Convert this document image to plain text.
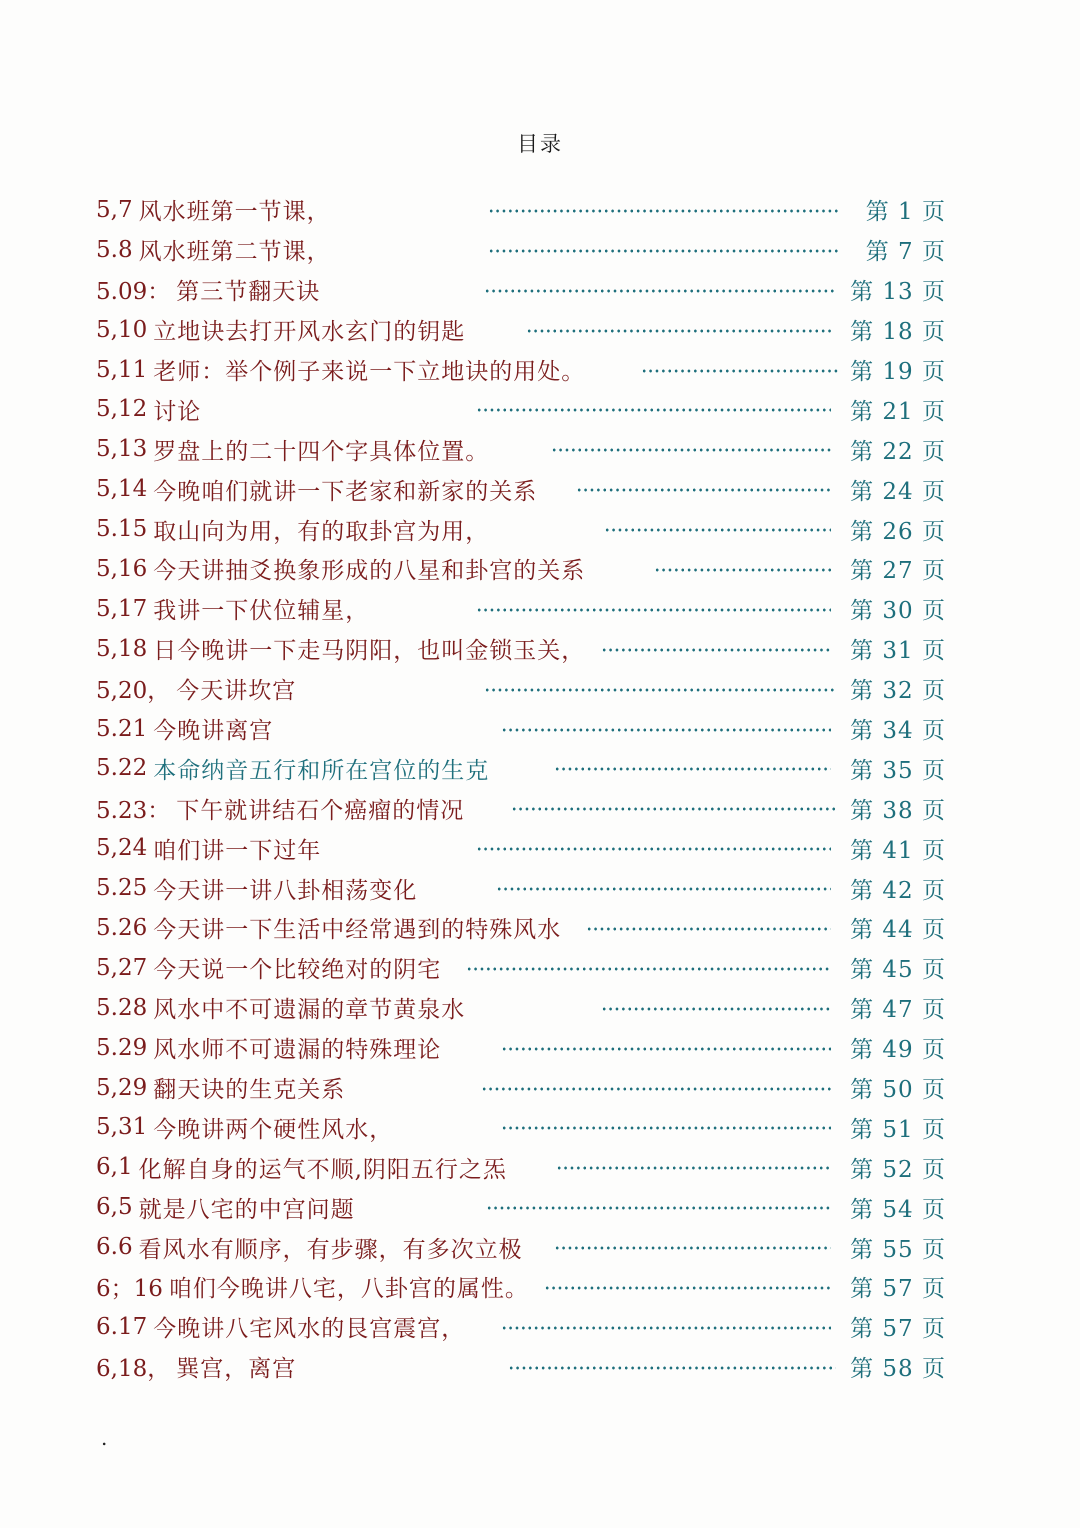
目录
5,7 风水班第一节课，	第 1 页
5.8 风水班第二节课，	第 7 页
5.09： 第三节翻天诀	第 13 页
5,10 立地诀去打开风水玄门的钥匙	第 18 页
5,11 老师：举个例子来说一下立地诀的用处。	第 19 页
5,12 讨论	第 21 页
5,13 罗盘上的二十四个字具体位置。	第 22 页
5,14 今晚咱们就讲一下老家和新家的关系	第 24 页
5.15 取山向为用，有的取卦宫为用，	第 26 页
5,16 今天讲抽爻换象形成的八星和卦宫的关系	第 27 页
5,17 我讲一下伏位辅星，	第 30 页
5,18 日今晚讲一下走马阴阳，也叫金锁玉关，	第 31 页
5,20， 今天讲坎宫	第 32 页
5.21 今晚讲离宫	第 34 页
5.22 本命纳音五行和所在宫位的生克	第 35 页
5.23： 下午就讲结石个癌瘤的情况	第 38 页
5,24 咱们讲一下过年	第 41 页
5.25 今天讲一讲八卦相荡变化	第 42 页
5.26 今天讲一下生活中经常遇到的特殊风水	第 44 页
5,27 今天说一个比较绝对的阴宅	第 45 页
5.28 风水中不可遗漏的章节黄泉水	第 47 页
5.29 风水师不可遗漏的特殊理论	第 49 页
5,29 翻天诀的生克关系	第 50 页
5,31 今晚讲两个硬性风水，	第 51 页
6,1 化解自身的运气不顺,阴阳五行之炁	第 52 页
6,5 就是八宅的中宫问题	第 54 页
6.6 看风水有顺序，有步骤，有多次立极	第 55 页
6；16 咱们今晚讲八宅，八卦宫的属性。	第 57 页
6.17 今晚讲八宅风水的艮宫震宫，	第 57 页
6,18， 巽宫，离宫	第 58 页
.
